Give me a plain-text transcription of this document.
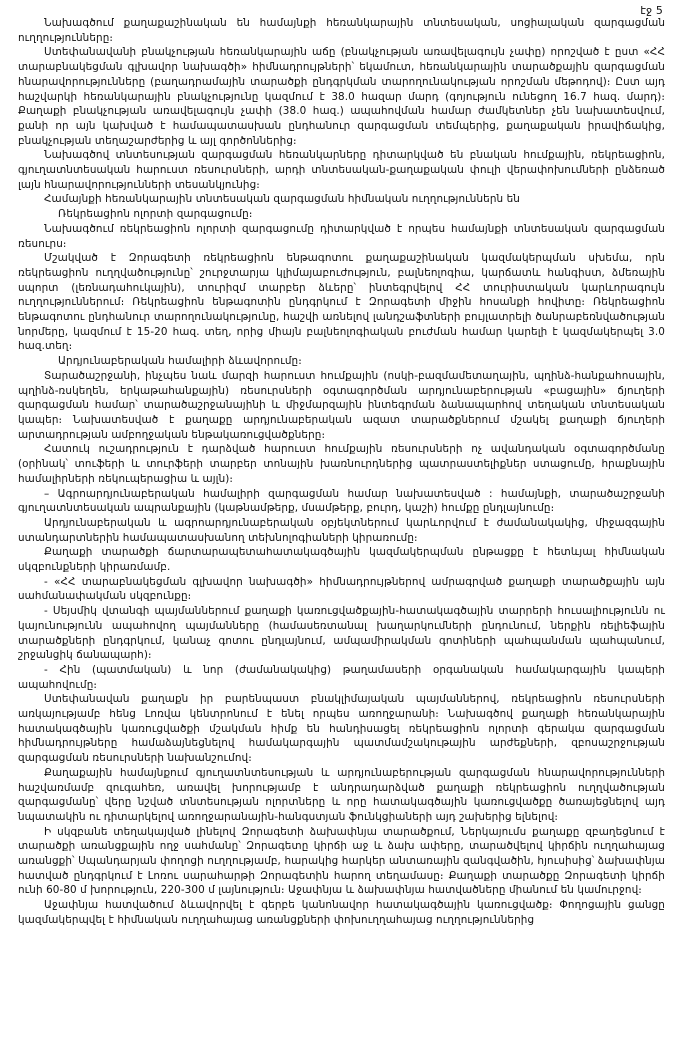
էջ 5

Նախագծում քաղաքաշինական են համայնքի հեռանկարային տնտեսական, սոցիալական զարգացման ուղղությունները։

Ստեփանավանի բնակչության հեռանկարային աճը (բնակչության առավելագույն չափը) որոշված է ըստ «ՀՀ տարաբնակեցման գլխավոր նախագծի» հիմնադրույթների՝ եկամուտ, հեռանկարային տարածքային զարգացման հնարավորությունները (բաղադրամային տարածքի ընդգրկման տարողունակության որոշման մեթոդով)։ Ըստ այդ հաշվարկի հեռանկարային բնակչությունը կազմում է 38.0 հազար մարդ (գոյություն ունեցող 16.7 հազ. մարդ)։ Քաղաքի բնակչության առավելագույն չափի (38.0 հազ.) ապահովման համար ժամկետներ չեն նախատեսվում, քանի որ այն կախված է համապատասխան ընդհանուր զարգացման տեմպերից, քաղաքական իրավիճակից, բնակչության տեղաշարժերից և այլ գործոններից։

Նախագծով տնտեսության զարգացման հեռանկարները դիտարկված են բնական հումքային, ռեկրեացիոն, գյուղատնտեսական հարուստ ռեսուրսների, արդի տնտեսական-քաղաքական փուլի վերափոխումների ընձեռած լայն հնարավորությունների տեսանկյունից։

Համայնքի հեռանկարային տնտեսական զարգացման հիմնական ուղղություններն են

Ռեկրեացիոն ոլորտի զարգացումը։

Նախագծում ռեկրեացիոն ոլորտի զարգացումը դիտարկված է որպես համայնքի տնտեսական զարգացման ռեսուրս։

Մշակված է Զորագետի ռեկրեացիոն ենթագոտու քաղաքաշինական կազմակերպման սխեմա, որն ռեկրեացիոն ուղղվածությունը՝ շուրջտարյա կլիմայաբուժություն, բալնեոլոգիա, կարճատև հանգիստ, ձմեռային սպորտ (լեռնադահուկային), տուրիզմ տարբեր ձևերը՝ ինտեգրվելով ՀՀ տուրիստական կարևորագույն ուղղություններում։ Ռեկրեացիոն ենթագոտին ընդգրկում է Զորագետի միջին հոսանքի հովիտը։ Ռեկրեացիոն ենթագոտու ընդհանուր տարողունակությունը, հաշվի առնելով լանդշաֆտների բույլատրելի ծանրաբեռնվածության նորմերը, կազմում է 15-20 հազ. տեղ, որից միայն բալնեոլոգիական բուժման համար կարելի է կազմակերպել 3.0 հազ.տեղ։

Արդյունաբերական համալիրի ձևավորումը։

Տարածաշրջանի, ինչպես նաև մարզի հարուստ հումքային (ոսկի-բազմամետաղային, պղինձ-հանքահոսային, պղինձ-ռսկեղեն, երկաթահանքային) ռեսուրսների օգտագործման արդյունաբերության «բացային» ճյուղերի զարգացման համար՝ տարածաշրջանայինի և միջմարզային ինտեգրման ձանապարհով տեղական տնտեսական կապեր։ Նախատեսված է քաղաքը արդյունաբերական ազատ տարածքներում մշակել քաղաքի ճյուղերի արտադրության ամբողջական ենթակառուցվածքները։

Հատուկ ուշադրություն է դարձված հարուստ հումքային ռեսուրսների ոչ ավանդական օգտագործմանը (օրինակ՝ տուֆերի և տուրֆերի տարբեր տոնային խառնուրդներից պատրաստելիքներ ստացումը, հրաքնային համալիրների ռեկուպերացիա և այլն)։

– Ագրոարդյունաբերական համալիրի զարգացման համար նախատեսված : համայնքի, տարածաշրջանի գյուղատնտեսական ապրանքային (կաթնամթերք, մսամթերք, բուրդ, կաշի) հումքը ընդլայնումը։

Արդյունաբերական և ագրոարդյունաբերական օբյեկտներում կարևորվում է ժամանակակից, միջազգային ստանդարտներին համապատասխանող տեխնոլոգիաների կիրառումը։

Քաղաքի տարածքի ճարտարապետահատակագծային կազմակերպման ընթացքը է հետևյալ հիմնական սկզբունքների կիրառմամբ.

- «ՀՀ տարաբնակեցման գլխավոր նախագծի» հիմնադրույթներով ամրագրված քաղաքի տարածքային այն սահմանափակման սկզբունքը։

- Սեյսմիկ վտանգի պայմաններում քաղաքի կառուցվածքային-հատակագծային տարրերի հուսալիությունն ու կայունությունն ապահովող պայմանները (համասեռտանալ խաղարկումների ընդունում, ներքին ռելիեֆային տարածքների ընդգրկում, կանաչ գոտու ընդլայնում, ամպամիրակման գոտիների պահպանման պահպանում, շրջանցիկ ճանապարհ)։

- Հին (պատմական) և նոր (ժամանակակից) թաղամասերի օրգանական համակարգային կապերի ապահովումը։

Ստեփանավան քաղաքն իր բարենպաստ բնակլիմայական պայմաններով, ռեկրեացիոն ռեսուրսների առկայությամբ հենց Լոռվա կենտրոնում է ենել որպես առողջարանի։ Նախագծով քաղաքի հեռանկարային հատակագծային կառուցվածքի մշակման հիմք են հանդիսացել ռեկրեացիոն ոլորտի գերակա զարգացման հիմնադրույթները համաձայնեցնելով համակարգային պատմամշակութային արժեքների, զբոսաշրջության զարգացման ռեսուրսների նախանշումով։

Քաղաքային համայնքում գյուղատնտեսության և արդյունաբերության զարգացման հնարավորությունների հաշվառմամբ զուգահեռ, առավել խորությամբ է անդրադարձված քաղաքի ռեկրեացիոն ուղղվածության զարգացմանը՝ վերը նշված տնտեսության ոլորտները և որը հատակագծային կառուցվածքը ծառայեցնելով այդ նպատակին ու դիտարկելով առողջարանային-հանգստյան ֆունկցիաների այդ շախերից ելնելով։

Ի սկզբանե տեղակայված լինելով Զորագետի ձախափնյա տարածքում, Ներկայումս քաղաքը զբաղեցնում է տարածքի առանցքային ողջ սահմանը՝ Զորագետը կիրճի աջ և ձախ ափերը, տարածվելով կիրճին ուղղահայաց առանցքի՝ Սպանդարյան փողոցի ուղղությամբ, հարակից հարկեր անտառային զանգվածին, հյուսիսից՝ ձախափնյա հատված ընդգրկում է Լոռու սարահարթի Զորագետին հարող տեղամասը։ Քաղաքի տարածքը Զորագետի կիրճի ունի 60-80 մ խորություն, 220-300 մ լայնություն։ Աջափնյա և ձախափնյա հատվածները միանում են կամուրջով։

Աջափնյա հատվածում ձևավորվել է գերբե կանոնավոր հատակագծային կառուցվածք։ Փողոցային ցանցը կազմակերպվել է հիմնական ուղղահայաց առանցքների փոխուղղահայաց ուղղություններից
